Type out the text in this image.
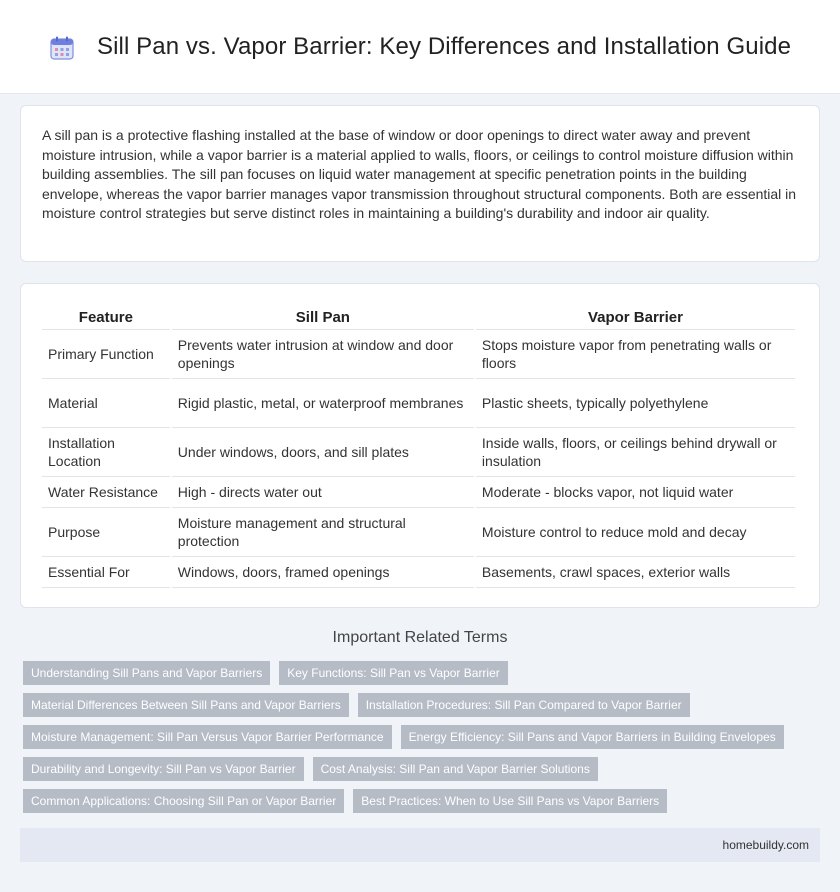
Sill Pan vs. Vapor Barrier: Key Differences and Installation Guide

A sill pan is a protective flashing installed at the base of window or door openings to direct water away and prevent moisture intrusion, while a vapor barrier is a material applied to walls, floors, or ceilings to control moisture diffusion within building assemblies. The sill pan focuses on liquid water management at specific penetration points in the building envelope, whereas the vapor barrier manages vapor transmission throughout structural components. Both are essential in moisture control strategies but serve distinct roles in maintaining a building's durability and indoor air quality.

Feature	Sill Pan	Vapor Barrier
Primary Function	Prevents water intrusion at window and door openings	Stops moisture vapor from penetrating walls or floors
Material	Rigid plastic, metal, or waterproof membranes	Plastic sheets, typically polyethylene
Installation Location	Under windows, doors, and sill plates	Inside walls, floors, or ceilings behind drywall or insulation
Water Resistance	High - directs water out	Moderate - blocks vapor, not liquid water
Purpose	Moisture management and structural protection	Moisture control to reduce mold and decay
Essential For	Windows, doors, framed openings	Basements, crawl spaces, exterior walls
Important Related Terms
Understanding Sill Pans and Vapor Barriers	Key Functions: Sill Pan vs Vapor Barrier
Material Differences Between Sill Pans and Vapor Barriers	Installation Procedures: Sill Pan Compared to Vapor Barrier
Moisture Management: Sill Pan Versus Vapor Barrier Performance	Energy Efficiency: Sill Pans and Vapor Barriers in Building Envelopes
Durability and Longevity: Sill Pan vs Vapor Barrier	Cost Analysis: Sill Pan and Vapor Barrier Solutions
Common Applications: Choosing Sill Pan or Vapor Barrier	Best Practices: When to Use Sill Pans vs Vapor Barriers
homebuildy.com
